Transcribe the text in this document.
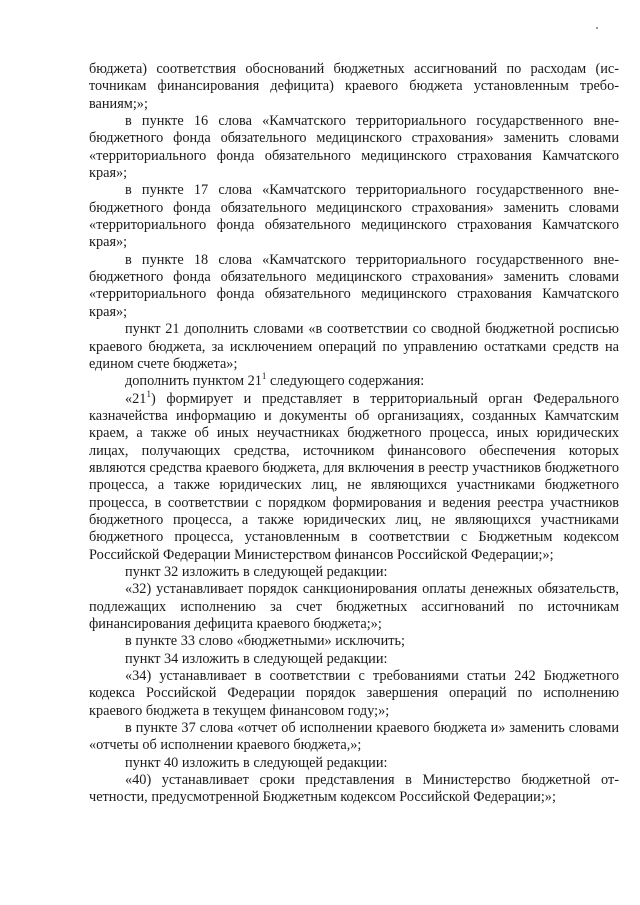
бюджета) соответствия обоснований бюджетных ассигнований по расходам (источникам финансирования дефицита) краевого бюджета установленным требованиям;»;

в пункте 16 слова «Камчатского территориального государственного внебюджетного фонда обязательного медицинского страхования» заменить словами «территориального фонда обязательного медицинского страхования Камчатского края»;

в пункте 17 слова «Камчатского территориального государственного внебюджетного фонда обязательного медицинского страхования» заменить словами «территориального фонда обязательного медицинского страхования Камчатского края»;

в пункте 18 слова «Камчатского территориального государственного внебюджетного фонда обязательного медицинского страхования» заменить словами «территориального фонда обязательного медицинского страхования Камчатского края»;

пункт 21 дополнить словами «в соответствии со сводной бюджетной росписью краевого бюджета, за исключением операций по управлению остатками средств на едином счете бюджета»;

дополнить пунктом $21^1$ следующего содержания:

«$21^1$) формирует и представляет в территориальный орган Федерального казначейства информацию и документы об организациях, созданных Камчатским краем, а также об иных неучастниках бюджетного процесса, иных юридических лицах, получающих средства, источником финансового обеспечения которых являются средства краевого бюджета, для включения в реестр участников бюджетного процесса, а также юридических лиц, не являющихся участниками бюджетного процесса, в соответствии с порядком формирования и ведения реестра участников бюджетного процесса, а также юридических лиц, не являющихся участниками бюджетного процесса, установленным в соответствии с Бюджетным кодексом Российской Федерации Министерством финансов Российской Федерации;»;

пункт 32 изложить в следующей редакции:

«32) устанавливает порядок санкционирования оплаты денежных обязательств, подлежащих исполнению за счет бюджетных ассигнований по источникам финансирования дефицита краевого бюджета;»;

в пункте 33 слово «бюджетными» исключить;

пункт 34 изложить в следующей редакции:

«34) устанавливает в соответствии с требованиями статьи 242 Бюджетного кодекса Российской Федерации порядок завершения операций по исполнению краевого бюджета в текущем финансовом году;»;

в пункте 37 слова «отчет об исполнении краевого бюджета и» заменить словами «отчеты об исполнении краевого бюджета,»;

пункт 40 изложить в следующей редакции:

«40) устанавливает сроки представления в Министерство бюджетной отчетности, предусмотренной Бюджетным кодексом Российской Федерации;»;
